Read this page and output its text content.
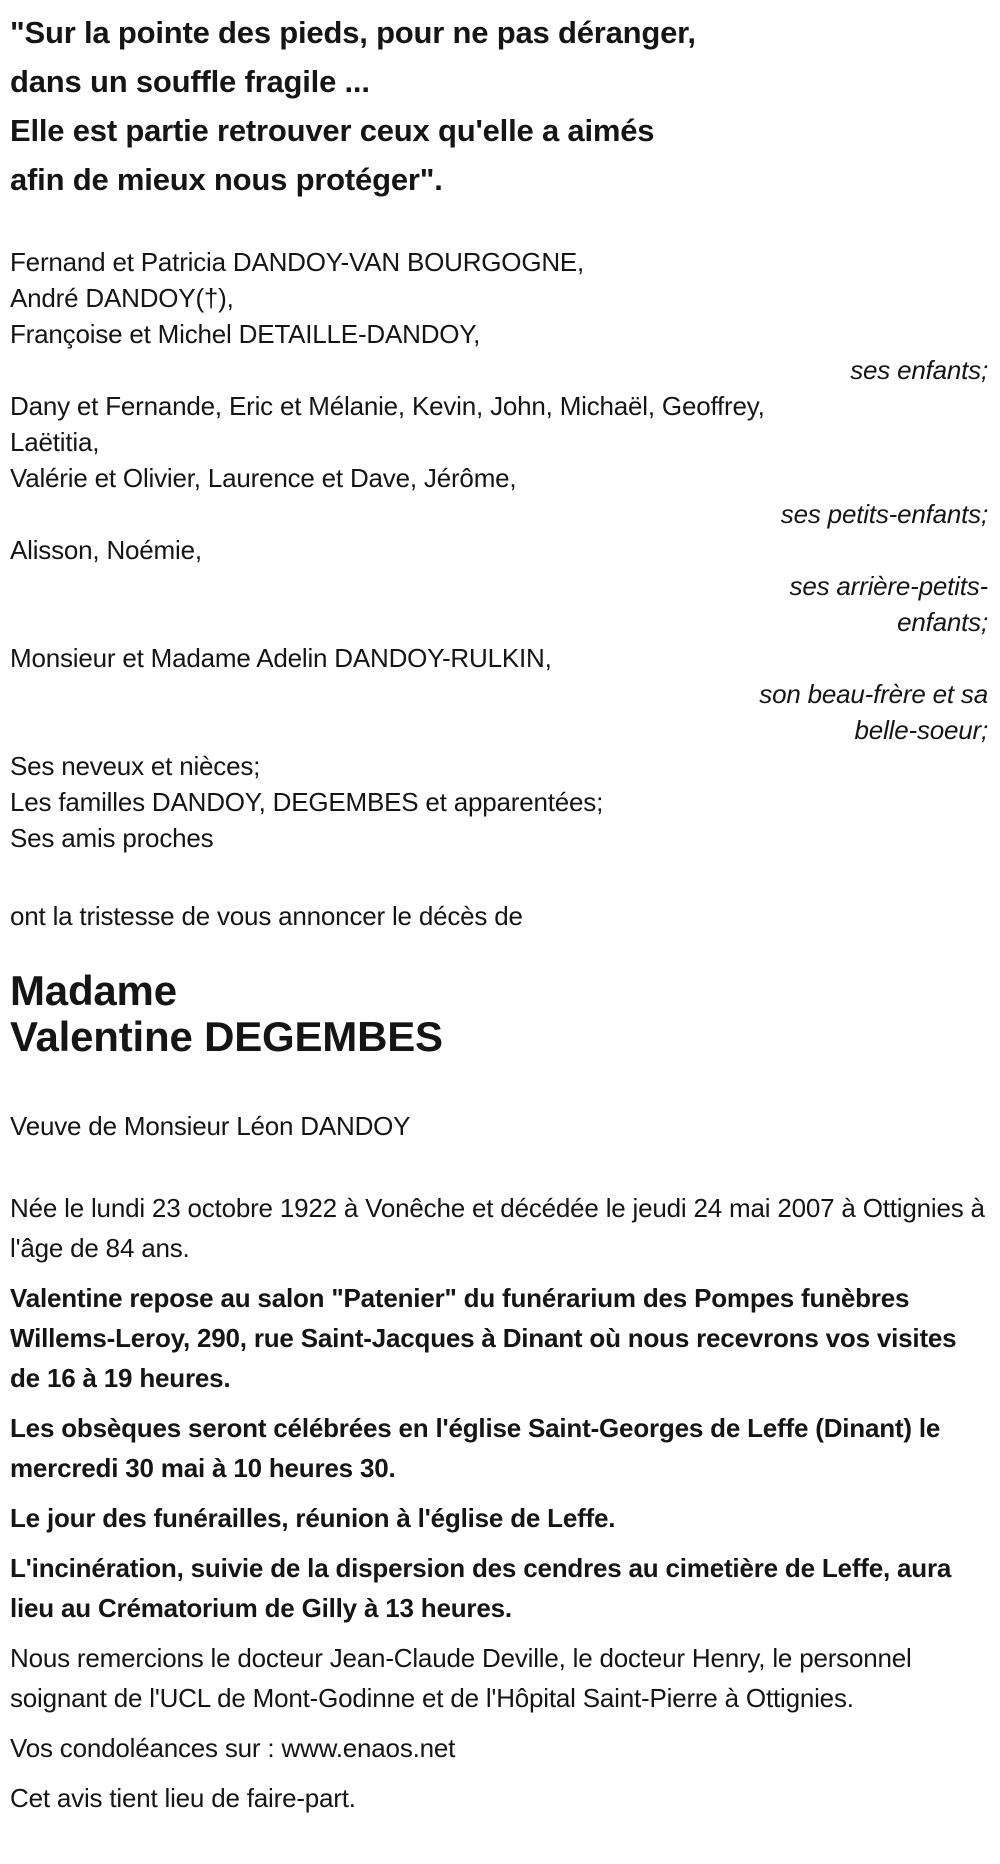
"Sur la pointe des pieds, pour ne pas déranger,
dans un souffle fragile ...
Elle est partie retrouver ceux qu'elle a aimés
afin de mieux nous protéger".
Fernand et Patricia DANDOY-VAN BOURGOGNE,
André DANDOY(†),
Françoise et Michel DETAILLE-DANDOY,
ses enfants;
Dany et Fernande, Eric et Mélanie, Kevin, John, Michaël, Geoffrey,
Laëtitia,
Valérie et Olivier, Laurence et Dave, Jérôme,
ses petits-enfants;
Alisson, Noémie,
ses arrière-petits-
enfants;
Monsieur et Madame Adelin DANDOY-RULKIN,
son beau-frère et sa
belle-soeur;
Ses neveux et nièces;
Les familles DANDOY, DEGEMBES et apparentées;
Ses amis proches

ont la tristesse de vous annoncer le décès de

Madame
Valentine DEGEMBES

Veuve de Monsieur Léon DANDOY

Née le lundi 23 octobre 1922 à Vonêche et décédée le jeudi 24 mai 2007 à Ottignies à l'âge de 84 ans.

Valentine repose au salon "Patenier" du funérarium des Pompes funèbres Willems-Leroy, 290, rue Saint-Jacques à Dinant où nous recevrons vos visites de 16 à 19 heures.

Les obsèques seront célébrées en l'église Saint-Georges de Leffe (Dinant) le mercredi 30 mai à 10 heures 30.

Le jour des funérailles, réunion à l'église de Leffe.

L'incinération, suivie de la dispersion des cendres au cimetière de Leffe, aura lieu au Crématorium de Gilly à 13 heures.

Nous remercions le docteur Jean-Claude Deville, le docteur Henry, le personnel soignant de l'UCL de Mont-Godinne et de l'Hôpital Saint-Pierre à Ottignies.

Vos condoléances sur : www.enaos.net

Cet avis tient lieu de faire-part.
